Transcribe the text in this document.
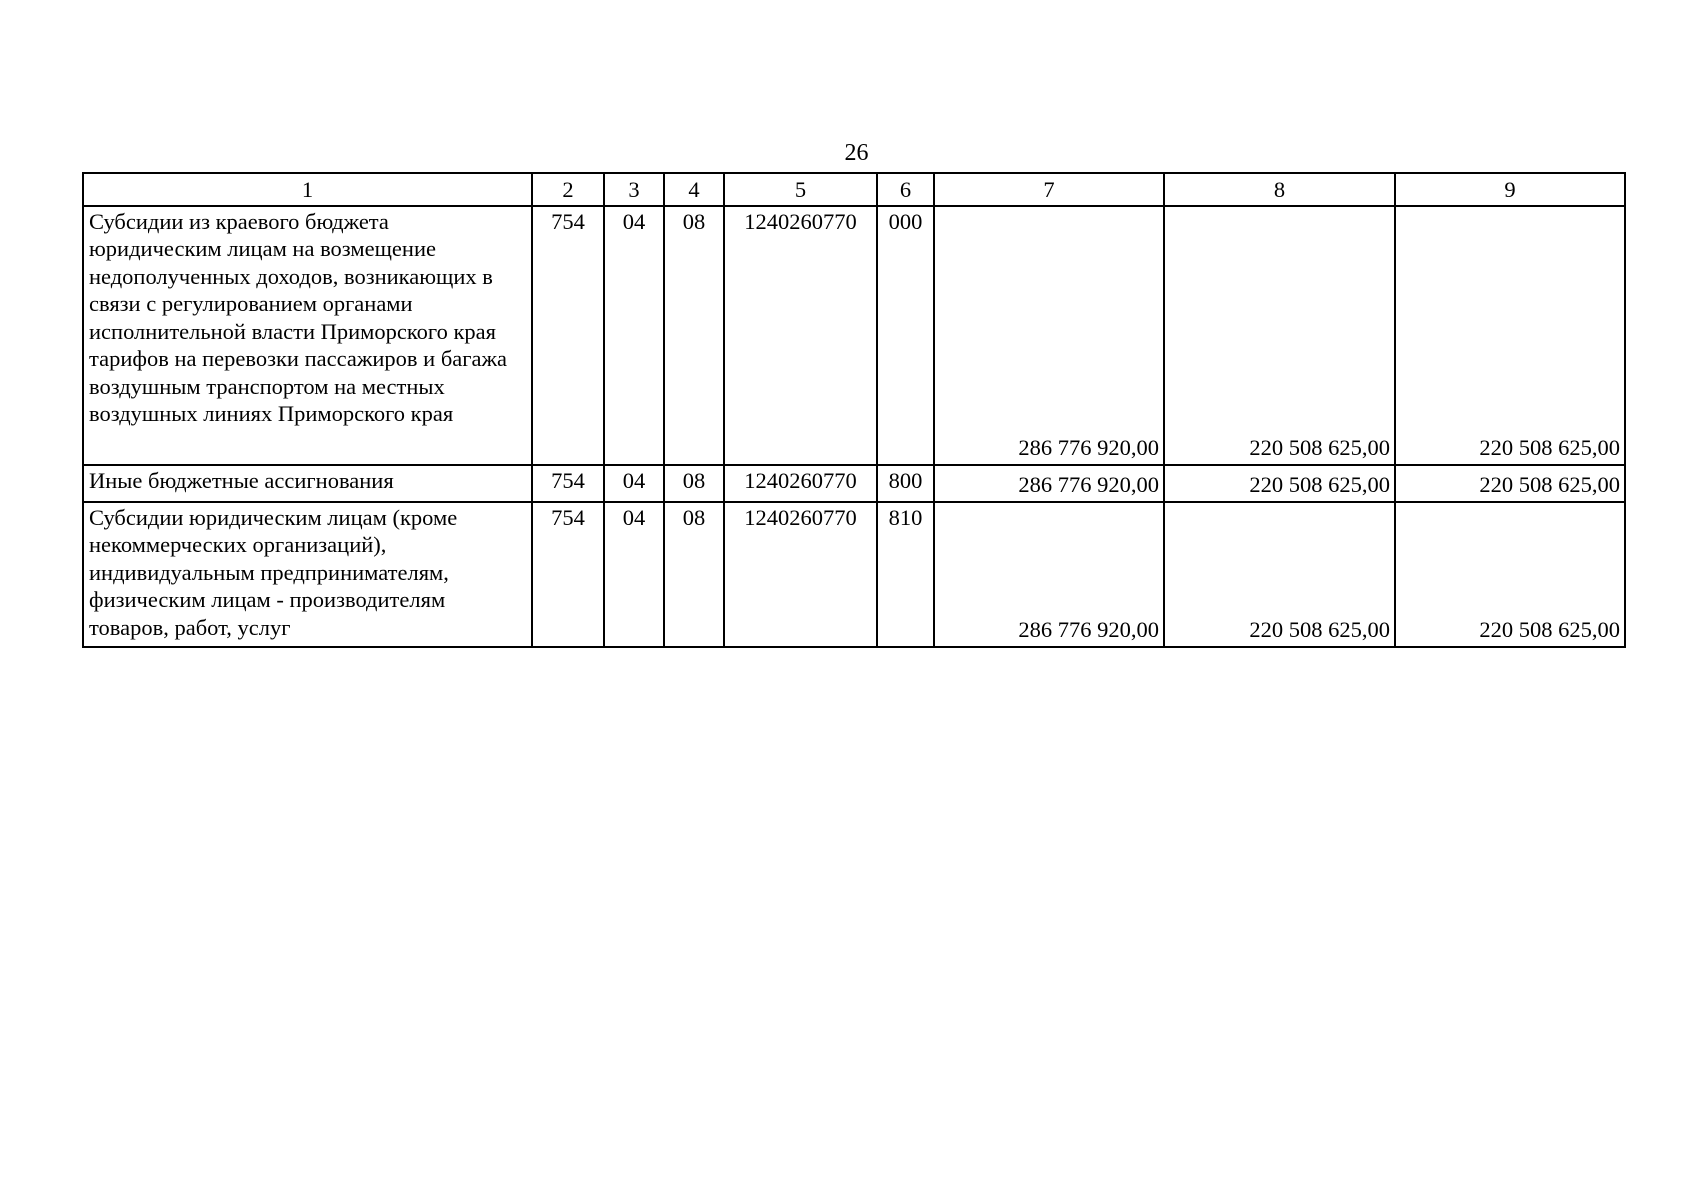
26
1	2	3	4	5	6	7	8	9
Субсидии из краевого бюджета юридическим лицам на возмещение недополученных доходов, возникающих в связи с регулированием органами исполнительной власти Приморского края тарифов на перевозки пассажиров и багажа воздушным транспортом на местных воздушных линиях Приморского края	754	04	08	1240260770	000	286 776 920,00	220 508 625,00	220 508 625,00
Иные бюджетные ассигнования	754	04	08	1240260770	800	286 776 920,00	220 508 625,00	220 508 625,00
Субсидии юридическим лицам (кроме некоммерческих организаций), индивидуальным предпринимателям, физическим лицам - производителям товаров, работ, услуг	754	04	08	1240260770	810	286 776 920,00	220 508 625,00	220 508 625,00
